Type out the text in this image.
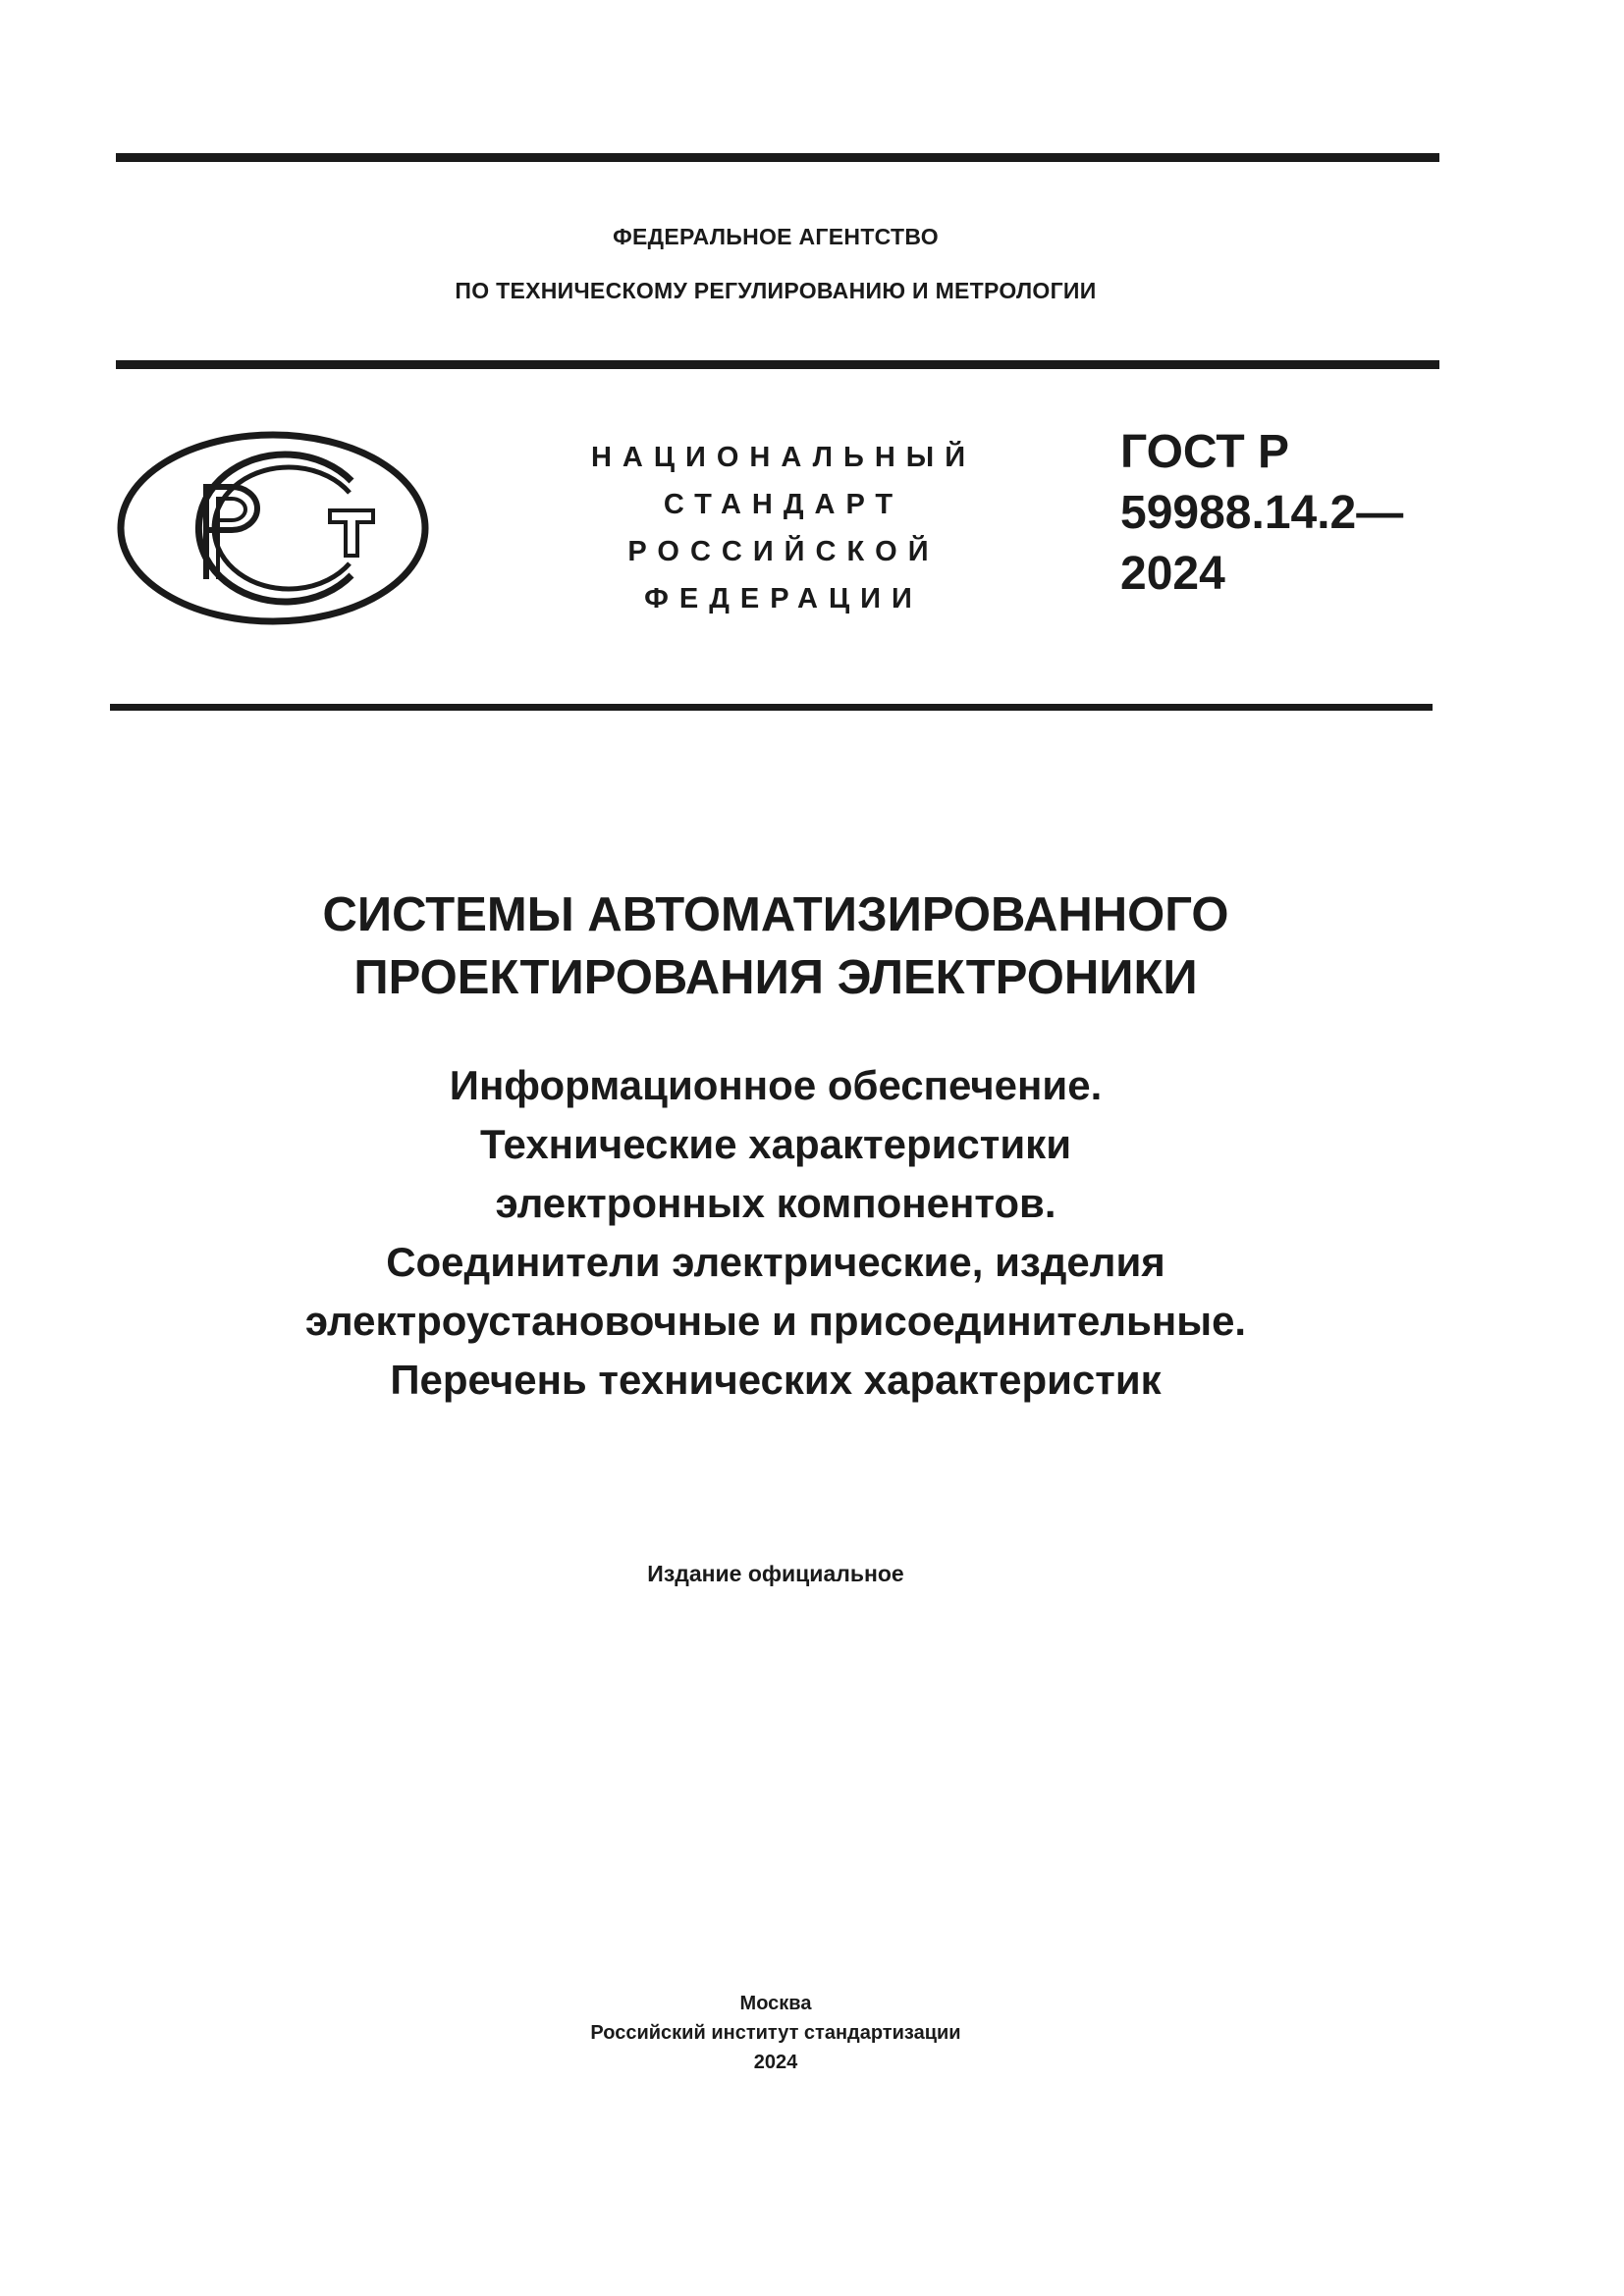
ФЕДЕРАЛЬНОЕ АГЕНТСТВО
ПО ТЕХНИЧЕСКОМУ РЕГУЛИРОВАНИЮ И МЕТРОЛОГИИ
НАЦИОНАЛЬНЫЙ
СТАНДАРТ
РОССИЙСКОЙ
ФЕДЕРАЦИИ
ГОСТ Р
59988.14.2—
2024
СИСТЕМЫ АВТОМАТИЗИРОВАННОГО
ПРОЕКТИРОВАНИЯ ЭЛЕКТРОНИКИ
Информационное обеспечение.
Технические характеристики
электронных компонентов.
Соединители электрические, изделия
электроустановочные и присоединительные.
Перечень технических характеристик
Издание официальное
Москва
Российский институт стандартизации
2024
